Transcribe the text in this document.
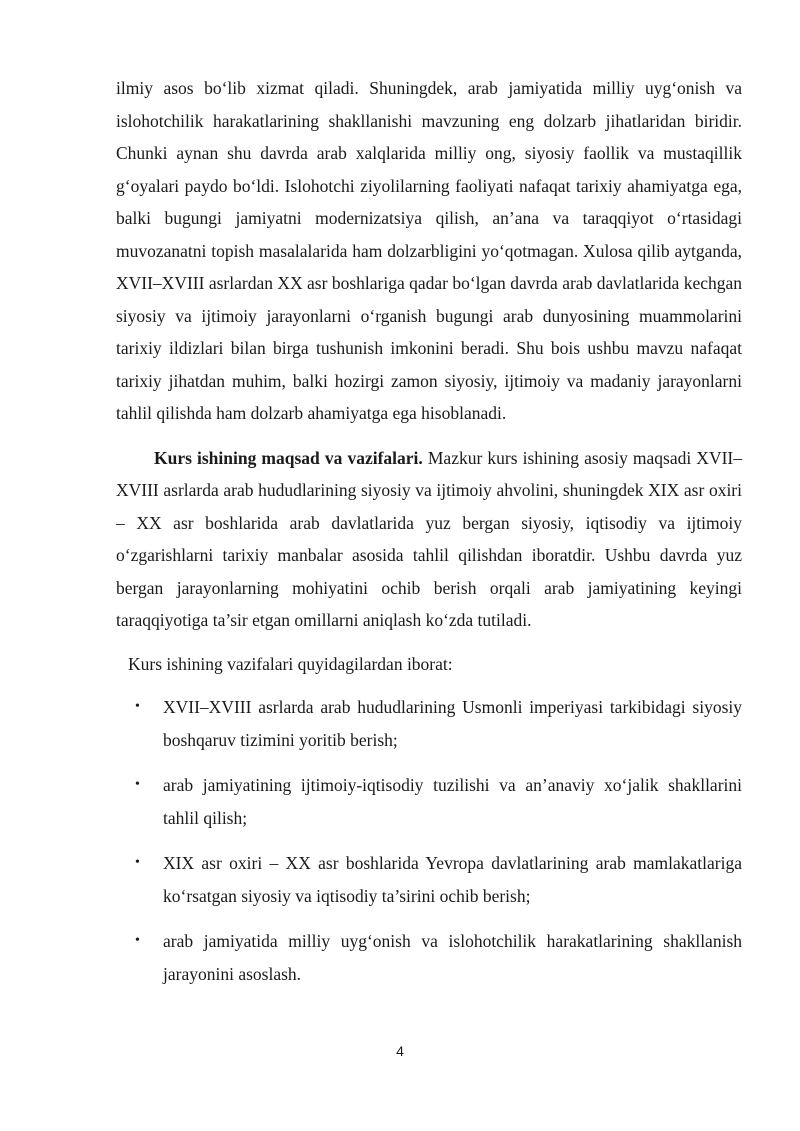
ilmiy asos bo‘lib xizmat qiladi. Shuningdek, arab jamiyatida milliy uyg‘onish va islohotchilik harakatlarining shakllanishi mavzuning eng dolzarb jihatlaridan biridir. Chunki aynan shu davrda arab xalqlarida milliy ong, siyosiy faollik va mustaqillik g‘oyalari paydo bo‘ldi. Islohotchi ziyolilarning faoliyati nafaqat tarixiy ahamiyatga ega, balki bugungi jamiyatni modernizatsiya qilish, an’ana va taraqqiyot o‘rtasidagi muvozanatni topish masalalarida ham dolzarbligini yo‘qotmagan. Xulosa qilib aytganda, XVII–XVIII asrlardan XX asr boshlariga qadar bo‘lgan davrda arab davlatlarida kechgan siyosiy va ijtimoiy jarayonlarni o‘rganish bugungi arab dunyosining muammolarini tarixiy ildizlari bilan birga tushunish imkonini beradi. Shu bois ushbu mavzu nafaqat tarixiy jihatdan muhim, balki hozirgi zamon siyosiy, ijtimoiy va madaniy jarayonlarni tahlil qilishda ham dolzarb ahamiyatga ega hisoblanadi.

Kurs ishining maqsad va vazifalari. Mazkur kurs ishining asosiy maqsadi XVII–XVIII asrlarda arab hududlarining siyosiy va ijtimoiy ahvolini, shuningdek XIX asr oxiri – XX asr boshlarida arab davlatlarida yuz bergan siyosiy, iqtisodiy va ijtimoiy o‘zgarishlarni tarixiy manbalar asosida tahlil qilishdan iboratdir. Ushbu davrda yuz bergan jarayonlarning mohiyatini ochib berish orqali arab jamiyatining keyingi taraqqiyotiga ta’sir etgan omillarni aniqlash ko‘zda tutiladi.

Kurs ishining vazifalari quyidagilardan iborat:

• XVII–XVIII asrlarda arab hududlarining Usmonli imperiyasi tarkibidagi siyosiy boshqaruv tizimini yoritib berish;
• arab jamiyatining ijtimoiy-iqtisodiy tuzilishi va an’anaviy xo‘jalik shakllarini tahlil qilish;
• XIX asr oxiri – XX asr boshlarida Yevropa davlatlarining arab mamlakatlariga ko‘rsatgan siyosiy va iqtisodiy ta’sirini ochib berish;
• arab jamiyatida milliy uyg‘onish va islohotchilik harakatlarining shakllanish jarayonini asoslash.
4
